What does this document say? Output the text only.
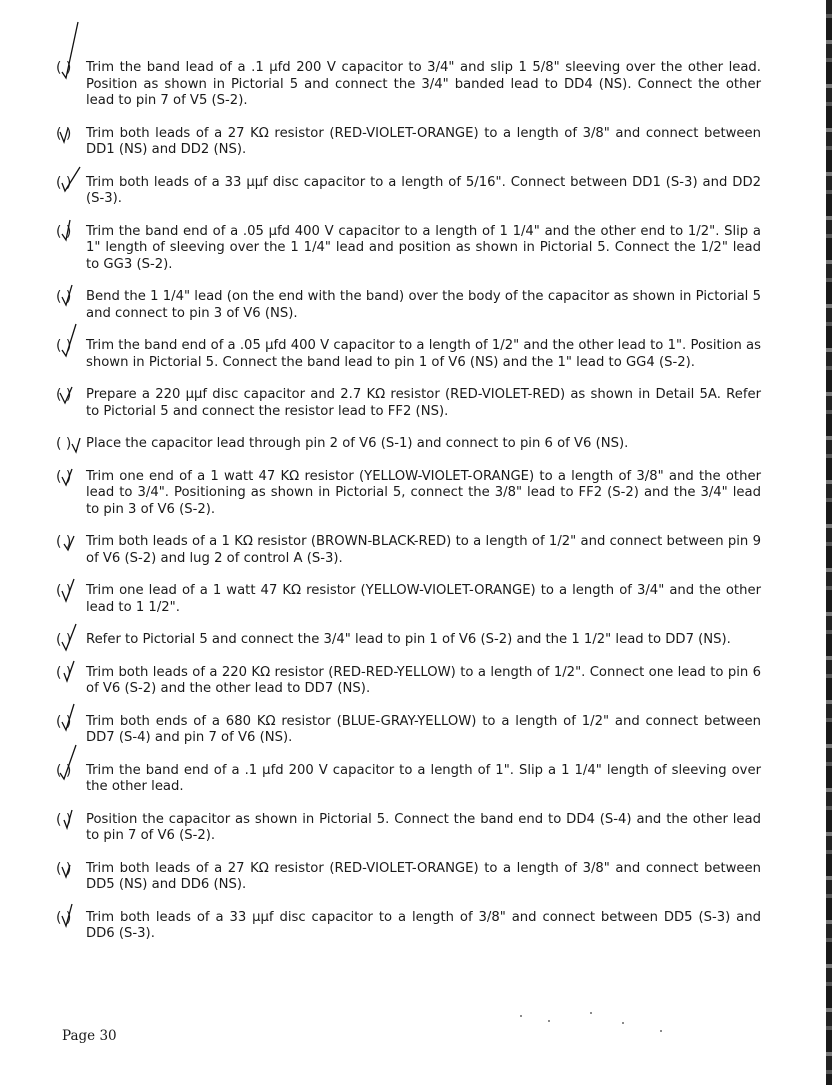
( )	Trim the band lead of a .1 μfd 200 V capacitor to 3/4" and slip 1 5/8" sleeving over the other lead. Position as shown in Pictorial 5 and connect the 3/4" banded lead to DD4 (NS). Connect the other lead to pin 7 of V5 (S-2).
( )	Trim both leads of a 27 KΩ resistor (RED-VIOLET-ORANGE) to a length of 3/8" and connect between DD1 (NS) and DD2 (NS).
( )	Trim both leads of a 33 μμf disc capacitor to a length of 5/16". Connect between DD1 (S-3) and DD2 (S-3).
( )	Trim the band end of a .05 μfd 400 V capacitor to a length of 1 1/4" and the other end to 1/2". Slip a 1" length of sleeving over the 1 1/4" lead and position as shown in Pictorial 5. Connect the 1/2" lead to GG3 (S-2).
( )	Bend the 1 1/4" lead (on the end with the band) over the body of the capacitor as shown in Pictorial 5 and connect to pin 3 of V6 (NS).
( )	Trim the band end of a .05 μfd 400 V capacitor to a length of 1/2" and the other lead to 1". Position as shown in Pictorial 5. Connect the band lead to pin 1 of V6 (NS) and the 1" lead to GG4 (S-2).
( )	Prepare a 220 μμf disc capacitor and 2.7 KΩ resistor (RED-VIOLET-RED) as shown in Detail 5A. Refer to Pictorial 5 and connect the resistor lead to FF2 (NS).
( )	Place the capacitor lead through pin 2 of V6 (S-1) and connect to pin 6 of V6 (NS).
( )	Trim one end of a 1 watt 47 KΩ resistor (YELLOW-VIOLET-ORANGE) to a length of 3/8" and the other lead to 3/4". Positioning as shown in Pictorial 5, connect the 3/8" lead to FF2 (S-2) and the 3/4" lead to pin 3 of V6 (S-2).
( )	Trim both leads of a 1 KΩ resistor (BROWN-BLACK-RED) to a length of 1/2" and connect between pin 9 of V6 (S-2) and lug 2 of control A (S-3).
( )	Trim one lead of a 1 watt 47 KΩ resistor (YELLOW-VIOLET-ORANGE) to a length of 3/4" and the other lead to 1 1/2".
( )	Refer to Pictorial 5 and connect the 3/4" lead to pin 1 of V6 (S-2) and the 1 1/2" lead to DD7 (NS).
( )	Trim both leads of a 220 KΩ resistor (RED-RED-YELLOW) to a length of 1/2". Connect one lead to pin 6 of V6 (S-2) and the other lead to DD7 (NS).
( )	Trim both ends of a 680 KΩ resistor (BLUE-GRAY-YELLOW) to a length of 1/2" and connect between DD7 (S-4) and pin 7 of V6 (NS).
( )	Trim the band end of a .1 μfd 200 V capacitor to a length of 1". Slip a 1 1/4" length of sleeving over the other lead.
( )	Position the capacitor as shown in Pictorial 5. Connect the band end to DD4 (S-4) and the other lead to pin 7 of V6 (S-2).
( )	Trim both leads of a 27 KΩ resistor (RED-VIOLET-ORANGE) to a length of 3/8" and connect between DD5 (NS) and DD6 (NS).
( )	Trim both leads of a 33 μμf disc capacitor to a length of 3/8" and connect between DD5 (S-3) and DD6 (S-3).
Page 30
